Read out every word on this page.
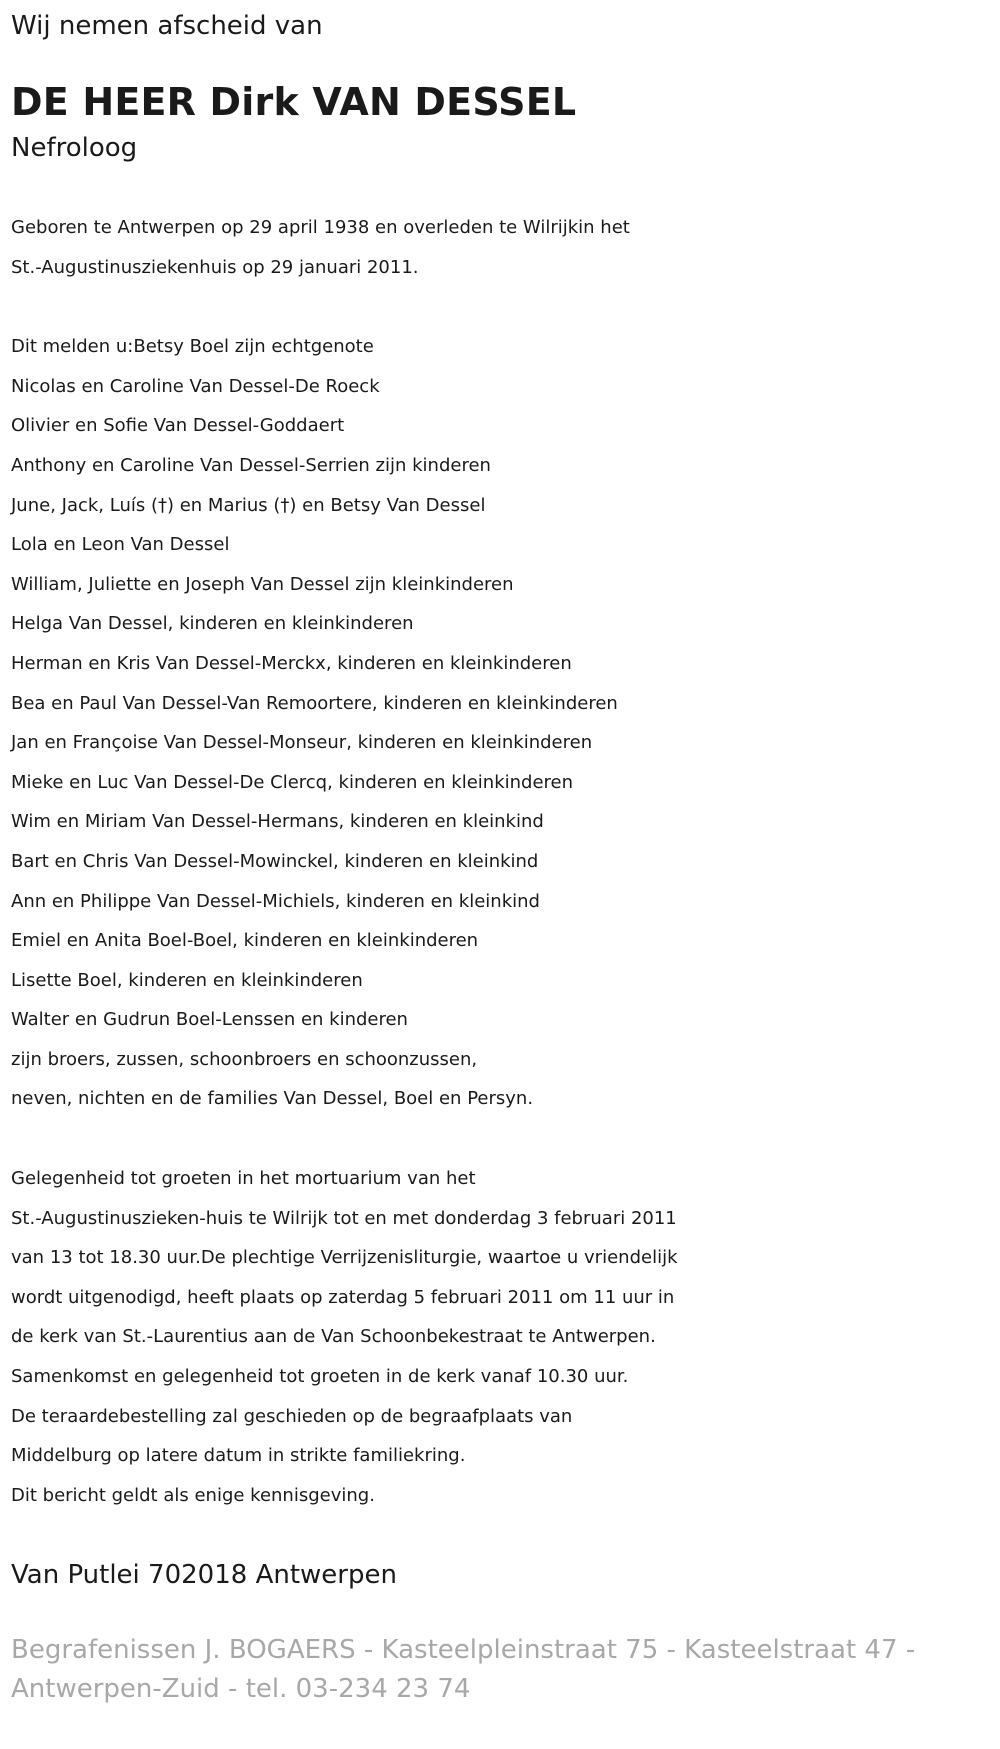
Wij nemen afscheid van

DE HEER Dirk VAN DESSEL

Nefroloog

Geboren te Antwerpen op 29 april 1938 en overleden te Wilrijkin het
St.-Augustinusziekenhuis op 29 januari 2011.
Dit melden u:Betsy Boel zijn echtgenote
Nicolas en Caroline Van Dessel-De Roeck
Olivier en Sofie Van Dessel-Goddaert
Anthony en Caroline Van Dessel-Serrien zijn kinderen
June, Jack, Luís (†) en Marius (†) en Betsy Van Dessel
Lola en Leon Van Dessel
William, Juliette en Joseph Van Dessel zijn kleinkinderen
Helga Van Dessel, kinderen en kleinkinderen
Herman en Kris Van Dessel-Merckx, kinderen en kleinkinderen
Bea en Paul Van Dessel-Van Remoortere, kinderen en kleinkinderen
Jan en Françoise Van Dessel-Monseur, kinderen en kleinkinderen
Mieke en Luc Van Dessel-De Clercq, kinderen en kleinkinderen
Wim en Miriam Van Dessel-Hermans, kinderen en kleinkind
Bart en Chris Van Dessel-Mowinckel, kinderen en kleinkind
Ann en Philippe Van Dessel-Michiels, kinderen en kleinkind
Emiel en Anita Boel-Boel, kinderen en kleinkinderen
Lisette Boel, kinderen en kleinkinderen
Walter en Gudrun Boel-Lenssen en kinderen
zijn broers, zussen, schoonbroers en schoonzussen,
neven, nichten en de families Van Dessel, Boel en Persyn.
Gelegenheid tot groeten in het mortuarium van het
St.-Augustinuszieken-huis te Wilrijk tot en met donderdag 3 februari 2011
van 13 tot 18.30 uur.De plechtige Verrijzenisliturgie, waartoe u vriendelijk
wordt uitgenodigd, heeft plaats op zaterdag 5 februari 2011 om 11 uur in
de kerk van St.-Laurentius aan de Van Schoonbekestraat te Antwerpen.
Samenkomst en gelegenheid tot groeten in de kerk vanaf 10.30 uur.
De teraardebestelling zal geschieden op de begraafplaats van
Middelburg op latere datum in strikte familiekring.
Dit bericht geldt als enige kennisgeving.

Van Putlei 702018 Antwerpen

Begrafenissen J. BOGAERS - Kasteelpleinstraat 75 - Kasteelstraat 47 - Antwerpen-Zuid - tel. 03-234 23 74
